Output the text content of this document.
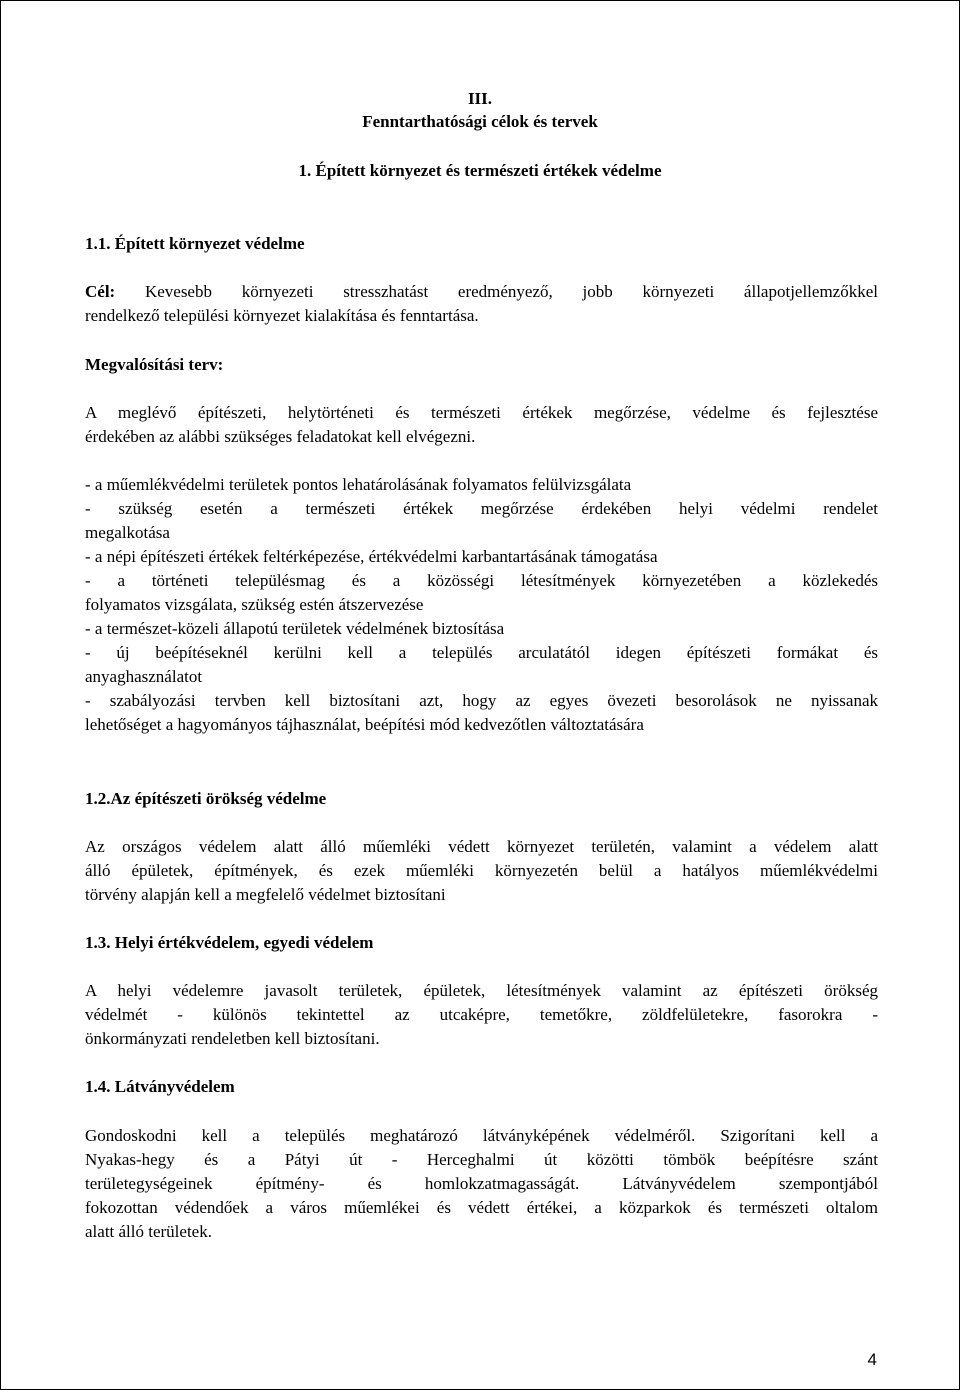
III.
Fenntarthatósági célok és tervek
1. Épített környezet és természeti értékek védelme
1.1. Épített környezet védelme
Cél: Kevesebb környezeti stresszhatást eredményező, jobb környezeti állapotjellemzőkkel
rendelkező települési környezet kialakítása és fenntartása.
Megvalósítási terv:
A meglévő építészeti, helytörténeti és természeti értékek megőrzése, védelme és fejlesztése
érdekében az alábbi szükséges feladatokat kell elvégezni.
- a műemlékvédelmi területek pontos lehatárolásának folyamatos felülvizsgálata
- szükség esetén a természeti értékek megőrzése érdekében helyi védelmi rendelet
megalkotása
- a népi építészeti értékek feltérképezése, értékvédelmi karbantartásának támogatása
- a történeti településmag és a közösségi létesítmények környezetében a közlekedés
folyamatos vizsgálata, szükség estén átszervezése
- a természet-közeli állapotú területek védelmének biztosítása
- új beépítéseknél kerülni kell a település arculatától idegen építészeti formákat és
anyaghasználatot
- szabályozási tervben kell biztosítani azt, hogy az egyes övezeti besorolások ne nyissanak
lehetőséget a hagyományos tájhasználat, beépítési mód kedvezőtlen változtatására
1.2.Az építészeti örökség védelme
Az országos védelem alatt álló műemléki védett környezet területén, valamint a védelem alatt
álló épületek, építmények, és ezek műemléki környezetén belül a hatályos műemlékvédelmi
törvény alapján kell a megfelelő védelmet biztosítani
1.3. Helyi értékvédelem, egyedi védelem
A helyi védelemre javasolt területek, épületek, létesítmények valamint az építészeti örökség
védelmét - különös tekintettel az utcaképre, temetőkre, zöldfelületekre, fasorokra -
önkormányzati rendeletben kell biztosítani.
1.4. Látványvédelem
Gondoskodni kell a település meghatározó látványképének védelméről. Szigorítani kell a
Nyakas-hegy és a Pátyi út - Herceghalmi út közötti tömbök beépítésre szánt
területegységeinek építmény- és homlokzatmagasságát. Látványvédelem szempontjából
fokozottan védendőek a város műemlékei és védett értékei, a közparkok és természeti oltalom
alatt álló területek.
4
